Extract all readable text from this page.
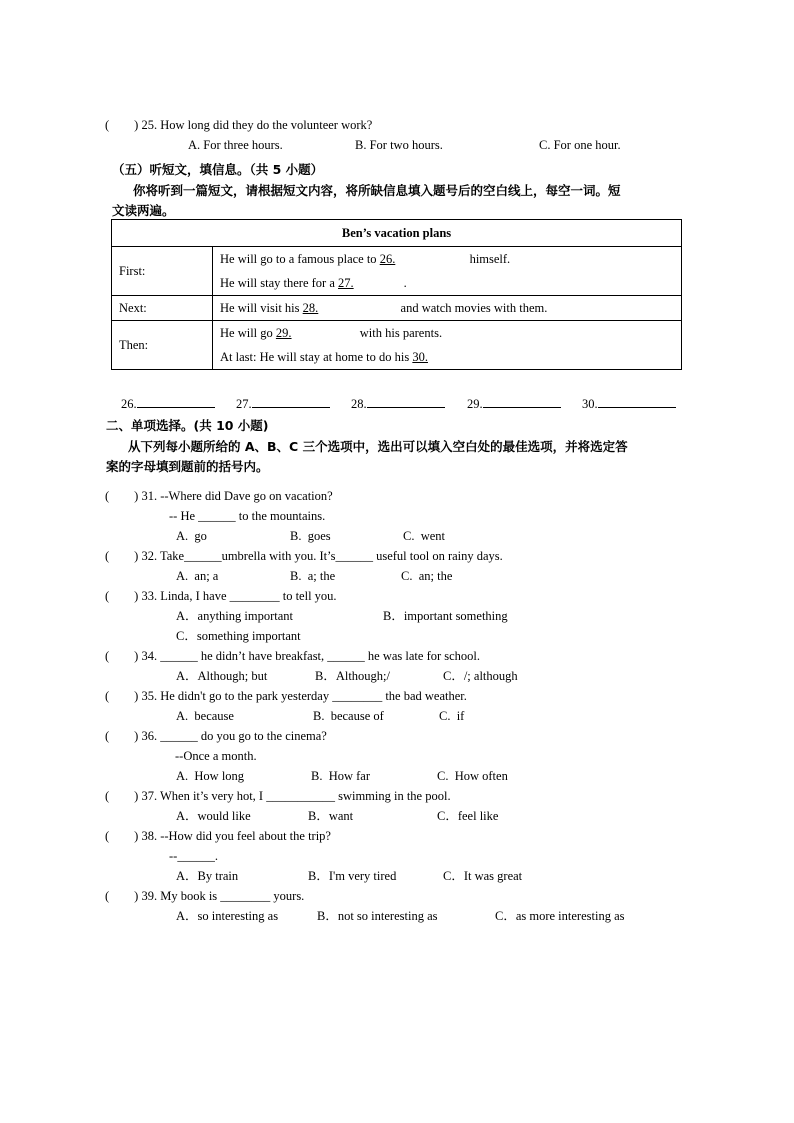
(        ) 25. How long did they do the volunteer work?
A. For three hours.	B. For two hours.	C. For one hour.
（五）听短文，填信息。（共 5 小题）
你将听到一篇短文，请根据短文内容，将所缺信息填入题号后的空白线上，每空一词。短
文读两遍。
Ben’s vacation plans	
First:	He will go to a famous place to 26. himself.
He will stay there for a 27. .

Next:	He will visit his 28. and watch movies with them.

Then:	He will go 29. with his parents.
At last: He will stay at home to do his 30.
26.	27.	28.	29.	30.
二、单项选择。(共 10 小题)
从下列每小题所给的 A、B、C 三个选项中，选出可以填入空白处的最佳选项，并将选定答
案的字母填到题前的括号内。
(        ) 31. --Where did Dave go on vacation?
-- He ______ to the mountains.
A.  go	B.  goes	C.  went
(        ) 32. Take______umbrella with you. It’s______ useful tool on rainy days.
A.  an; a	B.  a; the	C.  an; the
(        ) 33. Linda, I have ________ to tell you.
A．anything important	B．important something
C．something important
(        ) 34. ______ he didn’t have breakfast, ______ he was late for school.
A．Although; but	B．Although;/	C．/; although
(        ) 35. He didn't go to the park yesterday ________ the bad weather.
A.  because	B.  because of	C.  if
(        ) 36. ______ do you go to the cinema?
--Once a month.
A.  How long	B.  How far	C.  How often
(        ) 37. When it’s very hot, I ___________ swimming in the pool.
A．would like	B．want	C．feel like
(        ) 38. --How did you feel about the trip?
--______.
A．By train	B．I'm very tired	C．It was great
(        ) 39. My book is ________ yours.
A．so interesting as	B．not so interesting as	C．as more interesting as
